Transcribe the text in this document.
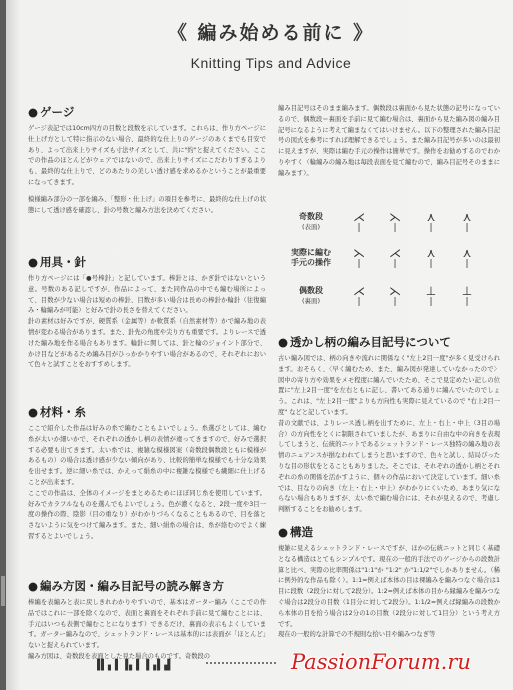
《 編み始める前に 》
Knitting Tips and Advice
● ゲージ

ゲージ表記では10cm四方の目数と段数を示しています。これらは、作り方ページに仕上げ方として特に指示のない場合、最終的な仕上りのゲージのあくまでも目安であり、よって出来上りサイズも寸法サイズとして、共に"約"と捉えてください。ここでの作品のほとんどがウェアではないので、出来上りサイズにこだわりすぎるよりも、最終的な仕上りで、どのあたりの美しい透け感を求めるかということが最重要になってきます。

模様編み部分の一部を編み、「整形・仕上げ」の項目を参考に、最終的な仕上げの状態にして透け感を確認し、針の号数と編み方法を決めてください。

● 用具・針

作り方ページには「●号棒針」と記しています。棒針とは、かぎ針ではないという意。号数のある記しですが、作品によって、また同作品の中でも編む場所によって、目数が少ない場合は短めの棒針、目数が多い場合は長めの棒針か輪針（往復編み・輪編みが可能）と好みで針の長さを替えてください。

針の素材は好みですが、硬質系（金属等）か軟質系（自然素材等）かで編み地の表情が変わる場合があります。また、針先の角度や尖り方も重要です。よりレースで透けた編み地を作る場合もあります。輪針に関しては、針と輪のジョイント部分で、かけ目などがあるため編み目がひっかかりやすい場合があるので、それぞれにおいて色々と試すことをおすすめします。

● 材料・糸

ここで紹介した作品は好みの糸で編むこともよいでしょう。糸選びとしては、編む糸が太いか細いかで、それぞれの透かし柄の表情が違ってきますので、好みで選択する必要も出てきます。太い糸では、複雑な模様図案（奇数段偶数段ともに模様があるもの）の場合は透け感が少ない傾向があり、比較的簡単な模様でも十分な効果を出せます。逆に細い糸では、かえって絹糸の中に複雑な模様でも繊細に仕上げることが出来ます。

ここでの作品は、全体のイメージをまとめるためにほぼ同じ糸を使用しています。好みでカラフルなものを選んでもよいでしょう。色が濃くなると、2段一度や3目一度の操作の際、陰影（目の重なり）がわかりづらくなることもあるので、目を落とさないように気をつけて編みます。また、細い絹糸の場合は、糸が絡むのでよく練習するとよいでしょう。

● 編み方図・編み目記号の読み解き方

棒編を表編みと表に戻しきれわかりやすいので、基本はガーター編み（ここでの作品ではこれに一部を除くなので、表面と裏面をそれぞれ手前に見て編むことには、手元はいつも表側で編むことになります）できるだけ、裏面の表示もよくしています。ガーター編みなので、シェットランド・レースは基本的には表面が「ほとんど」ないと捉えられています。

編み方図は、奇数段を表面とした見た場合のものです。奇数段の

編み目記号はそのまま編みます。偶数段は裏面から見た状態の記号になっているので、偶数段＝裏面を手前に見て編む場合は、裏面から見た編み図の編み目記号になるように考えて編まなくてはいけません。以下の整理された編み目記号の図式を参考にすれば理解できるでしょう。また編み目記号が多いのは最初に見えますが、実際は編む手元の操作は簡単です。操作をお勧めするのでわかりやすく（輪編みの編み地は毎段表面を見て編むので、編み目記号そのままに編みます）。

奇数段
(表面)
⋌
|
⋋
|
⋏
|
⋏
|
実際に編む
手元の操作
⋋
|
⋌
|
⋏
|
⋏
|
偶数段
(裏面)
⋌
|
⋋
|
⊥
|
⊥
|
● 透かし柄の編み目記号について

古い編み図では、柄の向きや流れに関係なく"左上2目一度"が多く見受けられます。おそらく、〈早く編むため、また、編み図が発達していなかったので〉図中の寄り方や効果をメモ程度に編んでいたため、そこで見定めたい記しの位置に"左上2目一度"を左右ともに記し、書いてある通りに編んでいたのでしょう。これは、"左上2目一度"よりも方向性も実際に見えているので "右上2目一度" などと記しています。

昔の文献では、よりレース透し柄を出すために、左上・右上・中上（3目の場合）の方向性をとくに制限されていましたが、あまりに自由な中の向きを表現してしまうと、伝統的ニットであるシェットランド・レース独特の編み地の表情のニュアンスが損なわれてしまうと思いますので、色々と試し、結局ぴったりな目の形状をとることもありました。そこでは、それぞれの透かし柄とそれぞれの糸の関係を活かすように、個々の作品において決定しています。細い糸では、目なりの向き（左上・右上・中上）がわかりにくいため、あまり気にならない場合もありますが、太い糸で編む場合には、それが見えるので、考慮し判断することをお勧めします。

● 構造

複雑に見えるシェットランド・レースですが、ほかの伝統ニットと同じく基礎となる構造はとてもシンプルです。現在の一般的手法でのゲージからの段数計算と比べ、実際の比率関係は"1:1"か "1:2" か"1:1/2"でしかありません。（稀に例外的な作品も除く）。1:1=例えば本体の目は裸編みを編みつなぐ場合は1目に段数（2段分に対して2段分）。1:2=例えば本体の目から縁編みを編みつなぐ場合は2段分の目数（1目分に対して2段分）。1:1/2=例えば縁編みの段数から本体の目を拾う場合は2分の1の目数（2段分に対して1目分）という考え方です。

現在の一般的な計算での不規則な拾い目や編みつなぎ等

▐▌▖▌▐▖▌▐▗▌▟	PassionForum.ru
